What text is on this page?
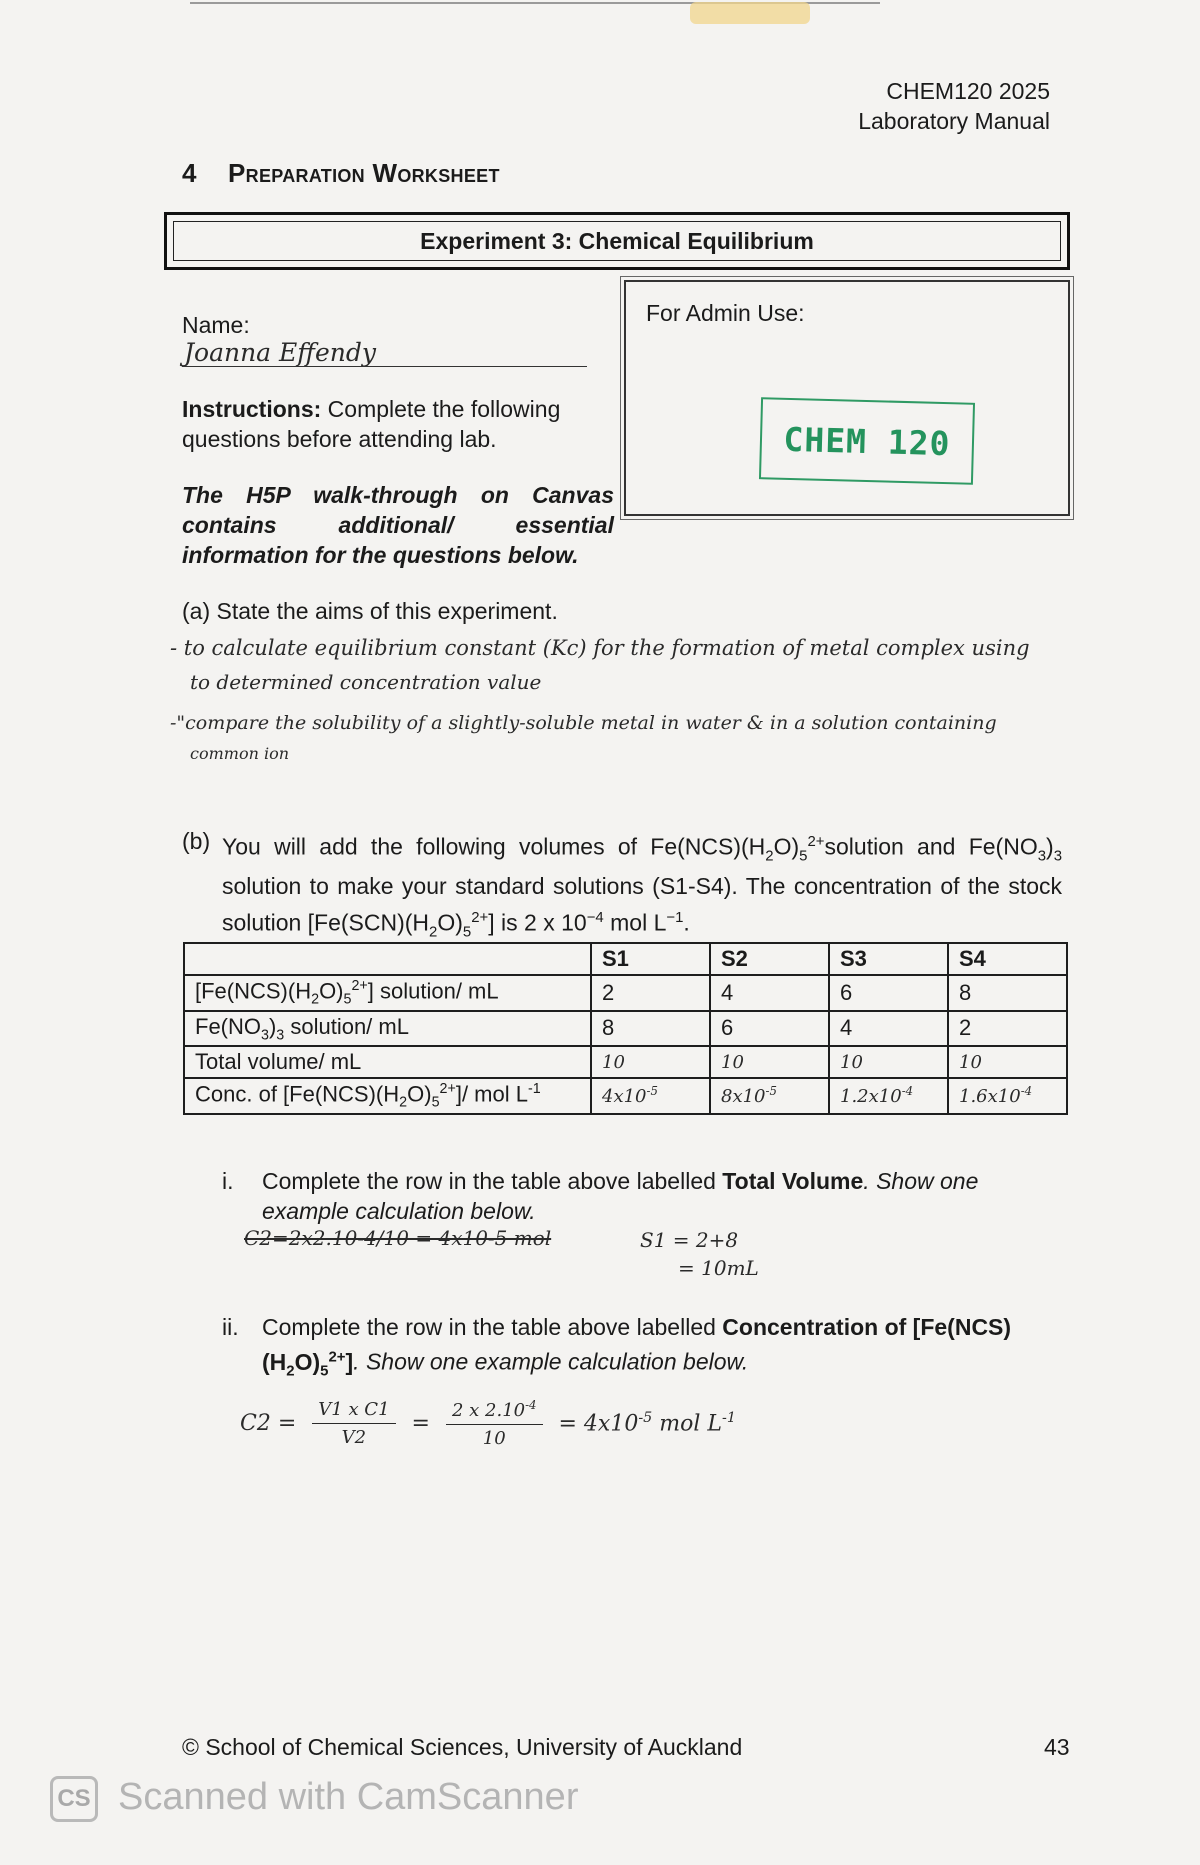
CHEM120 2025
Laboratory Manual
4 Preparation Worksheet
Experiment 3: Chemical Equilibrium
For Admin Use:
CHEM 120
Name:
Joanna Effendy
Instructions: Complete the following questions before attending lab.
The H5P walk-through on Canvas contains additional/ essential information for the questions below.
(a) State the aims of this experiment.
- to calculate equilibrium constant (Kc) for the formation of metal complex using
to determined concentration value
-"compare the solubility of a slightly-soluble metal in water & in a solution containing
common ion
(b) You will add the following volumes of $Fe(NCS)(H_2O)_5^{2+}solution$ and $Fe(NO_3)_3$ solution to make your standard solutions (S1-S4). The concentration of the stock solution $[Fe(SCN)(H_2O)_5^{2+}]$ is 2 x $10^{-4}$ mol $L^{-1}$.
	S1	S2	S3	S4
$[Fe(NCS)(H_2O)_5^{2+}]$ solution/ mL	2	4	6	8
$Fe(NO_3)_3$ solution/ mL	8	6	4	2
Total volume/ mL	10	10	10	10
Conc. of $[Fe(NCS)(H_2O)_5^{2+}]/$ mol $L^{-1}$	$4x10^{-5}$	$8x10^{-5}$	$1.2x10^{-4}$	$1.6x10^{-4}$
i. Complete the row in the table above labelled Total Volume. Show one example calculation below.
C2=2x2.10-4/10 = 4x10-5 mol	S1 = 2+8
= 10mL
ii. Complete the row in the table above labelled Concentration of $[Fe(NCS)(H_2O)_5^{2+}]$. Show one example calculation below.
$C2 = \frac{\text{V1 x C1}}{V2} = \frac{2 x 2.10^{-4}}{10} = 4x10^{-5}$ mol $L^{-1}$
© School of Chemical Sciences, University of Auckland	43
CS Scanned with CamScanner
